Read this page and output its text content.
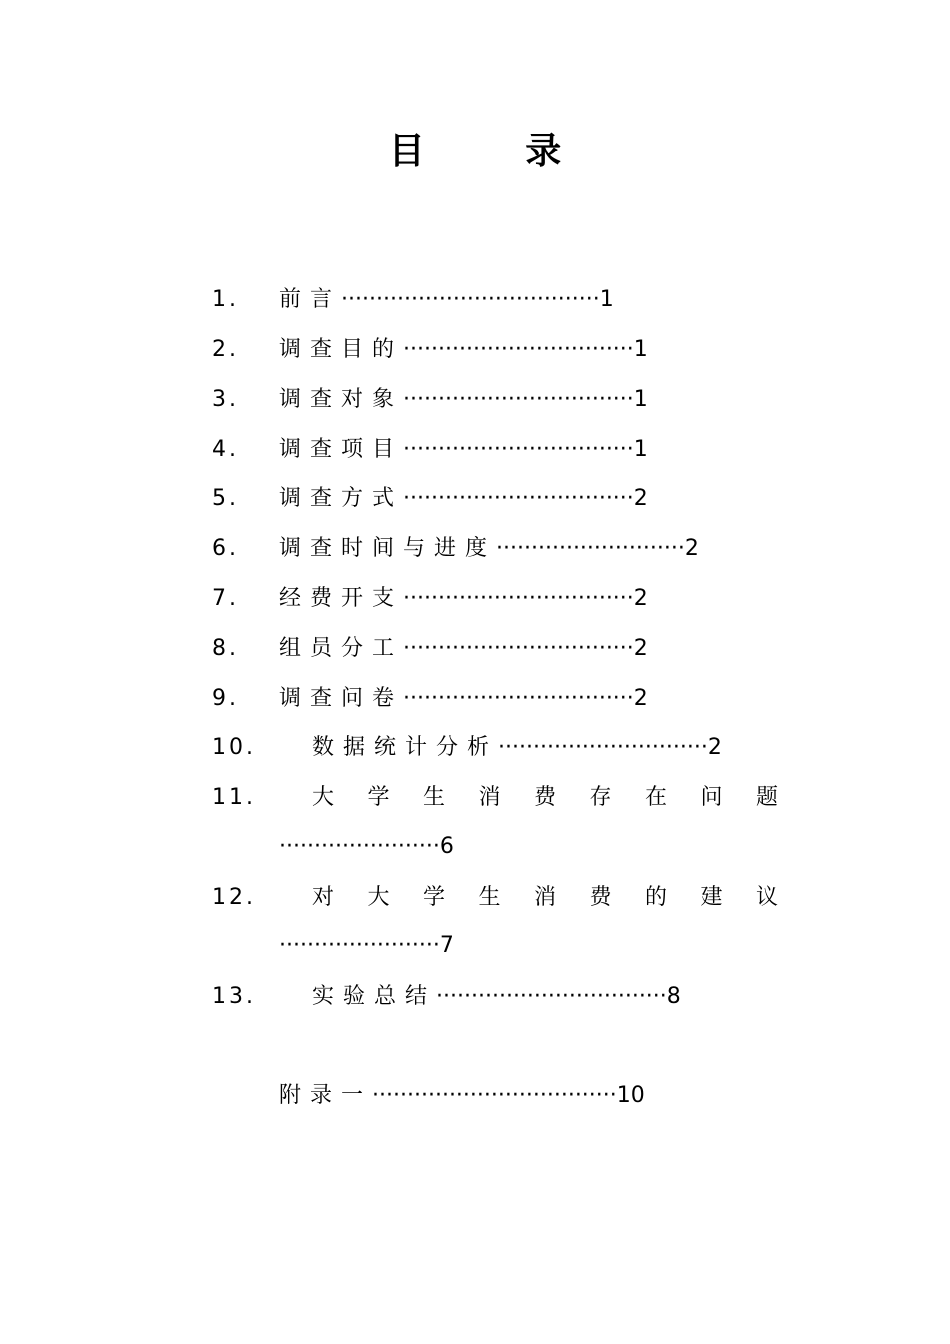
目 录
1. 前言·····································1
2. 调查目的·································1
3. 调查对象·································1
4. 调查项目·································1
5. 调查方式·································2
6. 调查时间与进度···························2
7. 经费开支·································2
8. 组员分工·································2
9. 调查问卷·································2
10.	数据统计分析······························2
11.	大学生消费存在问题
·······················6
12.	对大学生消费的建议
·······················7
13.	实验总结·································8
附录一···································10
